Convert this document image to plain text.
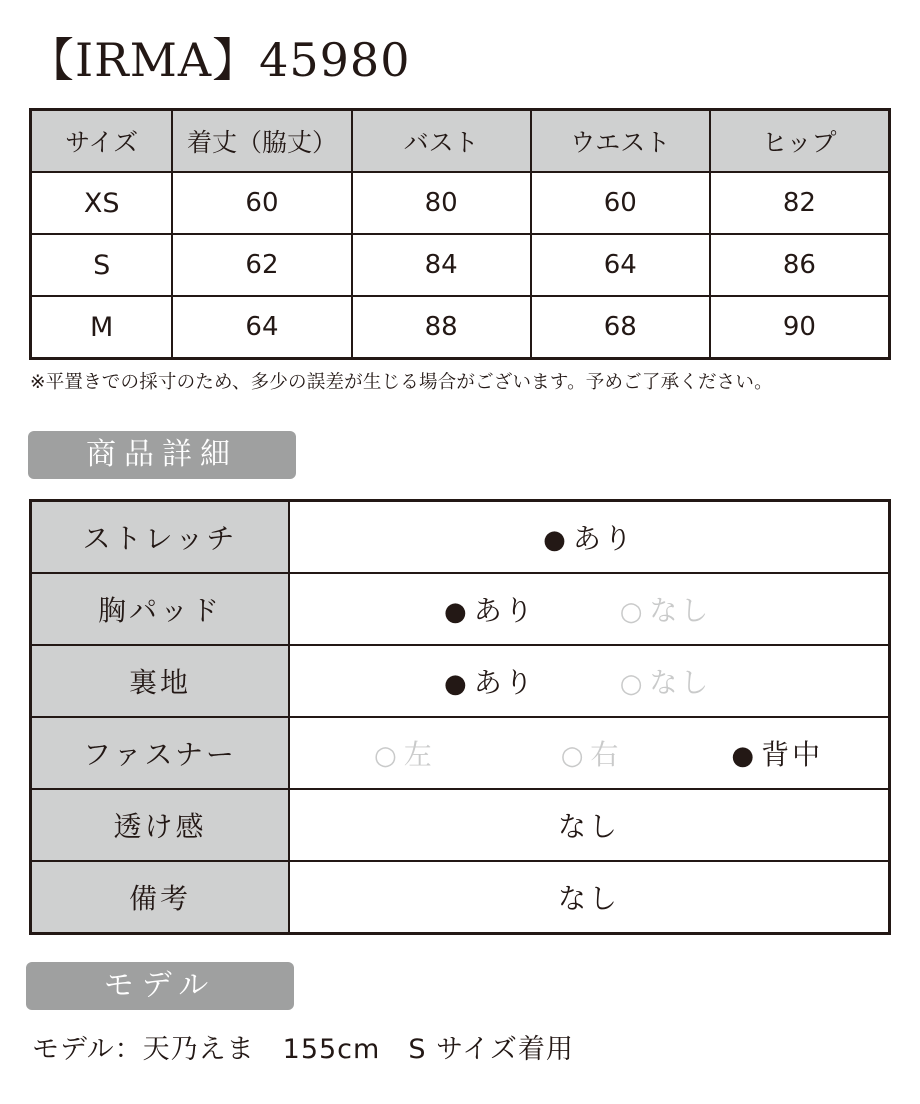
【IRMA】45980
サイズ	着丈（脇丈）	バスト	ウエスト	ヒップ
XS	60	80	60	82
S	62	84	64	86
M	64	88	68	90
※平置きでの採寸のため、多少の誤差が生じる場合がございます。予めご了承ください。
商品詳細
ストレッチ	● あり
胸パッド	● あり ○ なし

裏地	● あり ○ なし

ファスナー	○ 左 ○ 右 ● 背中

透け感	なし
備考	なし
モデル
モデル：天乃えま　155cm　S サイズ着用
